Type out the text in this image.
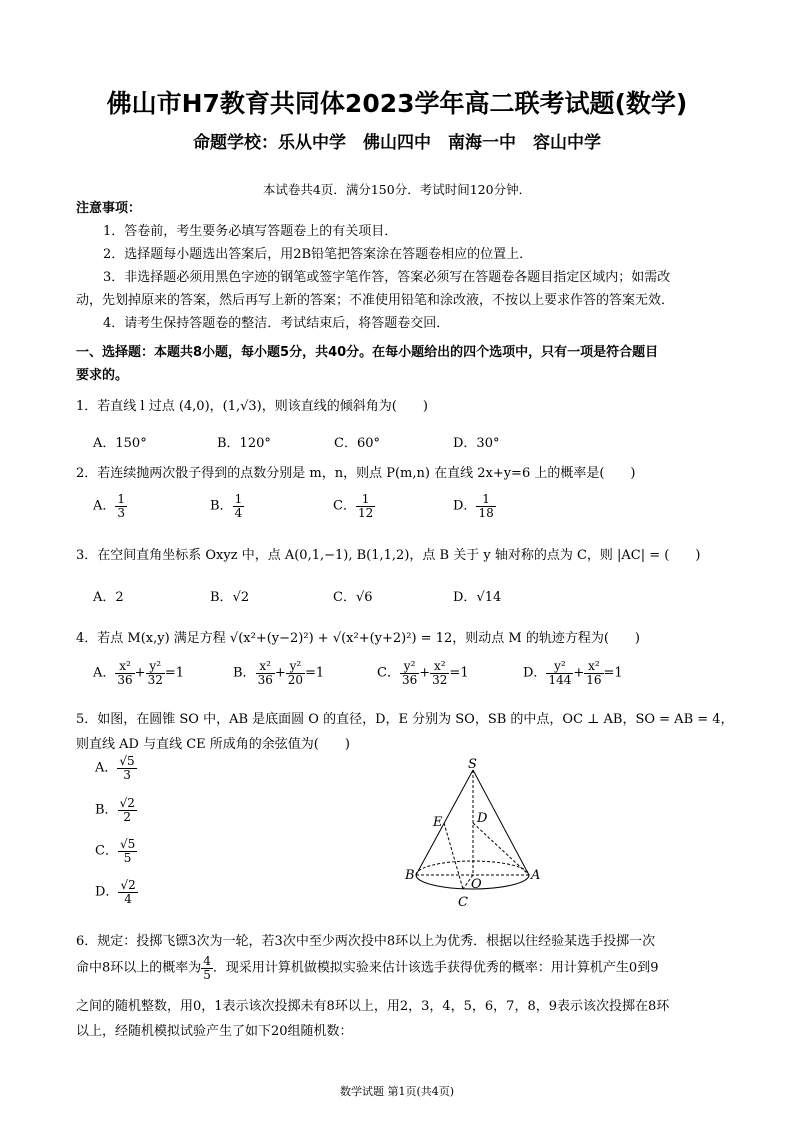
佛山市H7教育共同体2023学年高二联考试题(数学)
命题学校：乐从中学　佛山四中　南海一中　容山中学
本试卷共4页．满分150分．考试时间120分钟．
注意事项：
1．答卷前，考生要务必填写答题卷上的有关项目．
2．选择题每小题选出答案后，用2B铅笔把答案涂在答题卷相应的位置上．
3．非选择题必须用黑色字迹的钢笔或签字笔作答，答案必须写在答题卷各题目指定区域内；如需改
动，先划掉原来的答案，然后再写上新的答案；不准使用铅笔和涂改液，不按以上要求作答的答案无效．
4．请考生保持答题卷的整洁．考试结束后，将答题卷交回．
一、选择题：本题共8小题，每小题5分，共40分。在每小题给出的四个选项中，只有一项是符合题目
要求的。
1．若直线 l 过点 (4,0)，(1,√3)，则该直线的倾斜角为(　　)
A．150°	B．120°	C．60°	D．30°
2．若连续抛两次骰子得到的点数分别是 m，n，则点 P(m,n) 在直线 2x+y=6 上的概率是(　　)
A． $\frac{1}{3}$	B． $\frac{1}{4}$	C． $\frac{1}{12}$	D． $\frac{1}{18}$
3．在空间直角坐标系 Oxyz 中，点 A(0,1,−1), B(1,1,2)，点 B 关于 y 轴对称的点为 C，则 |AC| = (　　)
A．2	B．√2	C．√6	D．√14
4．若点 M(x,y) 满足方程 √(x²+(y−2)²) + √(x²+(y+2)²) = 12，则动点 M 的轨迹方程为(　　)
A． $\frac{\text{x²}}{36} + \frac{\text{y²}}{32} =1$	B． $\frac{\text{x²}}{36} + \frac{\text{y²}}{20} =1$	C． $\frac{\text{y²}}{36} + \frac{\text{x²}}{32} =1$	D． $\frac{\text{y²}}{144} + \frac{\text{x²}}{16} =1$
5．如图，在圆锥 SO 中，AB 是底面圆 O 的直径，D，E 分别为 SO，SB 的中点，OC ⊥ AB，SO = AB = 4，
则直线 AD 与直线 CE 所成角的余弦值为(　　)
A． $\frac{√5}{3}$
B． $\frac{√2}{2}$
C． $\frac{√5}{5}$
D． $\frac{√2}{4}$
S
E	D
B
O
A
C
6．规定：投掷飞镖3次为一轮，若3次中至少两次投中8环以上为优秀．根据以往经验某选手投掷一次
命中8环以上的概率为 $\frac{4}{5}$ ．现采用计算机做模拟实验来估计该选手获得优秀的概率：用计算机产生0到9
之间的随机整数，用0，1表示该次投掷未有8环以上，用2，3，4，5，6，7，8，9表示该次投掷在8环
以上，经随机模拟试验产生了如下20组随机数：
数学试题 第1页(共4页)
